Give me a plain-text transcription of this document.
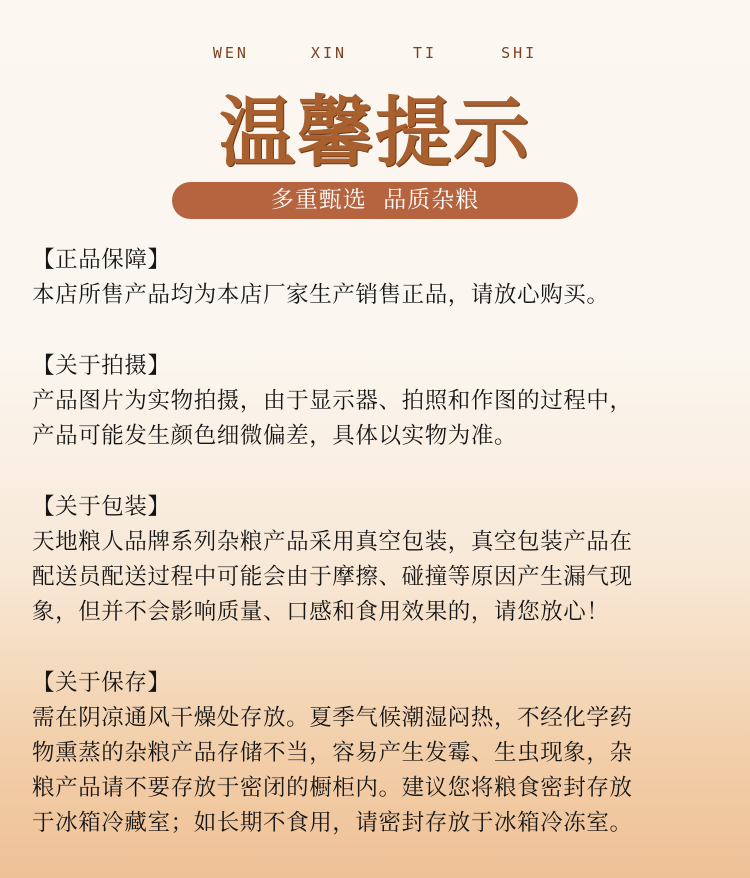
WEN	XIN	TI	SHI
温馨提示
多重甄选  品质杂粮
【正品保障】
本店所售产品均为本店厂家生产销售正品，请放心购买。
【关于拍摄】
产品图片为实物拍摄，由于显示器、拍照和作图的过程中，
产品可能发生颜色细微偏差，具体以实物为准。
【关于包装】
天地粮人品牌系列杂粮产品采用真空包装，真空包装产品在
配送员配送过程中可能会由于摩擦、碰撞等原因产生漏气现
象，但并不会影响质量、口感和食用效果的，请您放心！
【关于保存】
需在阴凉通风干燥处存放。夏季气候潮湿闷热，不经化学药
物熏蒸的杂粮产品存储不当，容易产生发霉、生虫现象，杂
粮产品请不要存放于密闭的橱柜内。建议您将粮食密封存放
于冰箱冷藏室；如长期不食用，请密封存放于冰箱冷冻室。
